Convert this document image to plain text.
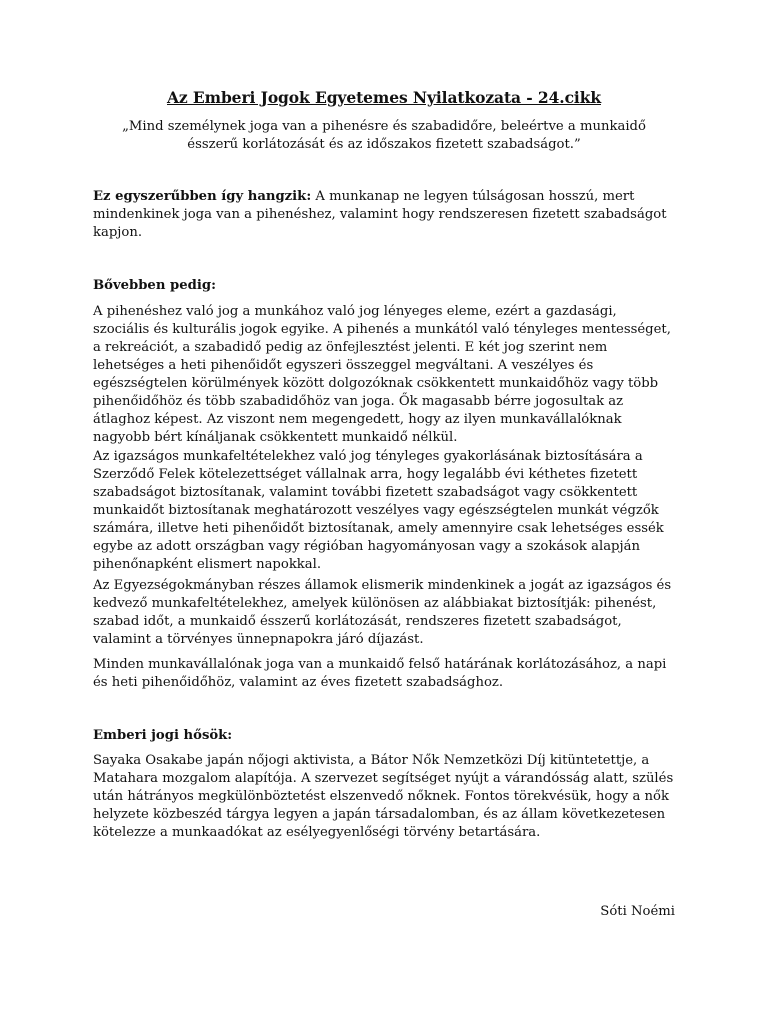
Az Emberi Jogok Egyetemes Nyilatkozata - 24.cikk
„Mind személynek joga van a pihenésre és szabadidőre, beleértve a munkaidő ésszerű korlátozását és az időszakos fizetett szabadságot.”

Ez egyszerűbben így hangzik: A munkanap ne legyen túlságosan hosszú, mert mindenkinek joga van a pihenéshez, valamint hogy rendszeresen fizetett szabadságot kapjon.

Bővebben pedig:
A pihenéshez való jog a munkához való jog lényeges eleme, ezért a gazdasági, szociális és kulturális jogok egyike. A pihenés a munkától való tényleges mentességet, a rekreációt, a szabadidő pedig az önfejlesztést jelenti. E két jog szerint nem lehetséges a heti pihenőidőt egyszeri összeggel megváltani. A veszélyes és egészségtelen körülmények között dolgozóknak csökkentett munkaidőhöz vagy több pihenőidőhöz és több szabadidőhöz van joga. Ők magasabb bérre jogosultak az átlaghoz képest. Az viszont nem megengedett, hogy az ilyen munkavállalóknak nagyobb bért kínáljanak csökkentett munkaidő nélkül.
Az igazságos munkafeltételekhez való jog tényleges gyakorlásának biztosítására a Szerződő Felek kötelezettséget vállalnak arra, hogy legalább évi kéthetes fizetett szabadságot biztosítanak, valamint további fizetett szabadságot vagy csökkentett munkaidőt biztosítanak meghatározott veszélyes vagy egészségtelen munkát végzők számára, illetve heti pihenőidőt biztosítanak, amely amennyire csak lehetséges essék egybe az adott országban vagy régióban hagyományosan vagy a szokások alapján pihenőnapként elismert napokkal.
Az Egyezségokmányban részes államok elismerik mindenkinek a jogát az igazságos és kedvező munkafeltételekhez, amelyek különösen az alábbiakat biztosítják: pihenést, szabad időt, a munkaidő ésszerű korlátozását, rendszeres fizetett szabadságot, valamint a törvényes ünnepnapokra járó díjazást.
Minden munkavállalónak joga van a munkaidő felső határának korlátozásához, a napi és heti pihenőidőhöz, valamint az éves fizetett szabadsághoz.
Emberi jogi hősök:
Sayaka Osakabe japán nőjogi aktivista, a Bátor Nők Nemzetközi Díj kitüntetettje, a Matahara mozgalom alapítója. A szervezet segítséget nyújt a várandósság alatt, szülés után hátrányos megkülönböztetést elszenvedő nőknek. Fontos törekvésük, hogy a nők helyzete közbeszéd tárgya legyen a japán társadalomban, és az állam következetesen kötelezze a munkaadókat az esélyegyenlőségi törvény betartására.
Sóti Noémi
